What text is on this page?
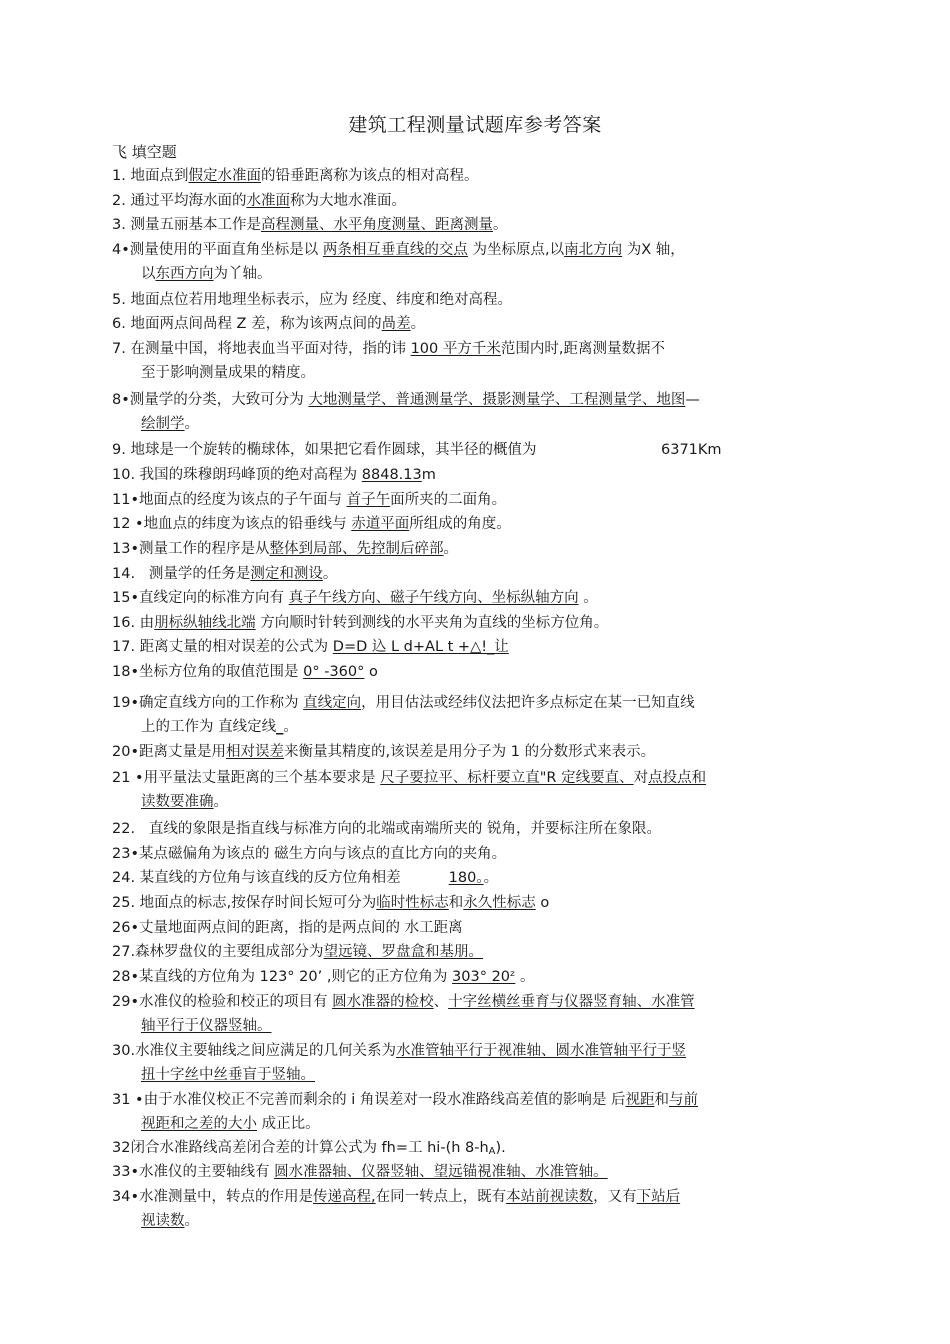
建筑工程测量试题库参考答案
飞 填空题
1. 地面点到假定水准面的铅垂距离称为该点的相对高程。
2. 通过平均海水面的水准面称为大地水准面。
3. 测量五丽基本工作是高程测量、水平角度测量、距离测量。
4•测量使用的平面直角坐标是以 两条相互垂直线的交点 为坐标原点,以南北方向 为X 轴，
以东西方向为丫轴。
5. 地面点位若用地理坐标表示，应为 经度、纬度和绝对高程。
6. 地面两点间咼程 Z 差，称为该两点间的咼差。
7. 在测量中国，将地表血当平面对待，指的讳 100 平方千米范围内时,距离测量数据不
至于影响测量成果的精度。
8•测量学的分类，大致可分为 大地测量学、普通测量学、摄影测量学、工程测量学、地图—
绘制学。
9. 地球是一个旋转的椭球体，如果把它看作圆球，其半径的概值为	6371Km
10. 我国的珠穆朗玛峰顶的绝对高程为 8848.13m
11•地面点的经度为该点的子午面与 首子午面所夹的二面角。
12 •地血点的纬度为该点的铅垂线与 赤道平面所组成的角度。
13•测量工作的程序是从整体到局部、先控制后碎部。
14.   测量学的任务是测定和测设。
15•直线定向的标准方向有 真子午线方向、磁子午线方向、坐标纵轴方向 。
16. 由朋标纵轴线北端 方向顺时针转到测线的水平夹角为直线的坐标方位角。
17. 距离丈量的相对误差的公式为 D=D 込 L d+AL t +△!_让
18•坐标方位角的取值范围是 0° -360° o
19•确定直线方向的工作称为 直线定向，用目估法或经纬仪法把许多点标定在某一已知直线
上的工作为 直线定线_。
20•距离丈量是用相对误差来衡量其精度的,该误差是用分子为 1 的分数形式来表示。
21 •用平量法丈量距离的三个基本要求是 尺子要拉平、标杆要立直"R 定线要直、对点投点和
读数要准确。
22.   直线的象限是指直线与标准方向的北端或南端所夹的 锐角，并要标注所在象限。
23•某点磁偏角为该点的 磁生方向与该点的直比方向的夹角。
24. 某直线的方位角与该直线的反方位角相差	180。。
25. 地面点的标志,按保存时间长短可分为临时性标志和永久性标志 o
26•丈量地面两点间的距离，指的是两点间的 水工距离
27.森林罗盘仪的主要组成部分为望远镜、罗盘盒和基朋。
28•某直线的方位角为 123° 20’ ,则它的正方位角为 303° 20ᶻ 。
29•水准仪的检验和校正的项目有 圆水准器的检校、十字丝横丝垂育与仪器竖育轴、水准管
轴平行于仪器竖轴。
30.水准仪主要轴线之间应满足的几何关系为水准管轴平行于视准轴、圆水准管轴平行于竖
扭十字丝中丝垂盲于竖轴。
31 •由于水准仪校正不完善而剩余的 i 角误差对一段水准路线高差值的影响是 后视距和与前
视距和之差的大小 成正比。
32闭合水准路线高差闭合差的计算公式为 fh=工 hi-(h $8-h_A$).
33•水准仪的主要轴线有 圆水准器轴、仪器竖轴、望远锚視准轴、水准管轴。
34•水准测量中，转点的作用是传递高程,在同一转点上，既有本站前视读数，又有下站后
视读数。
